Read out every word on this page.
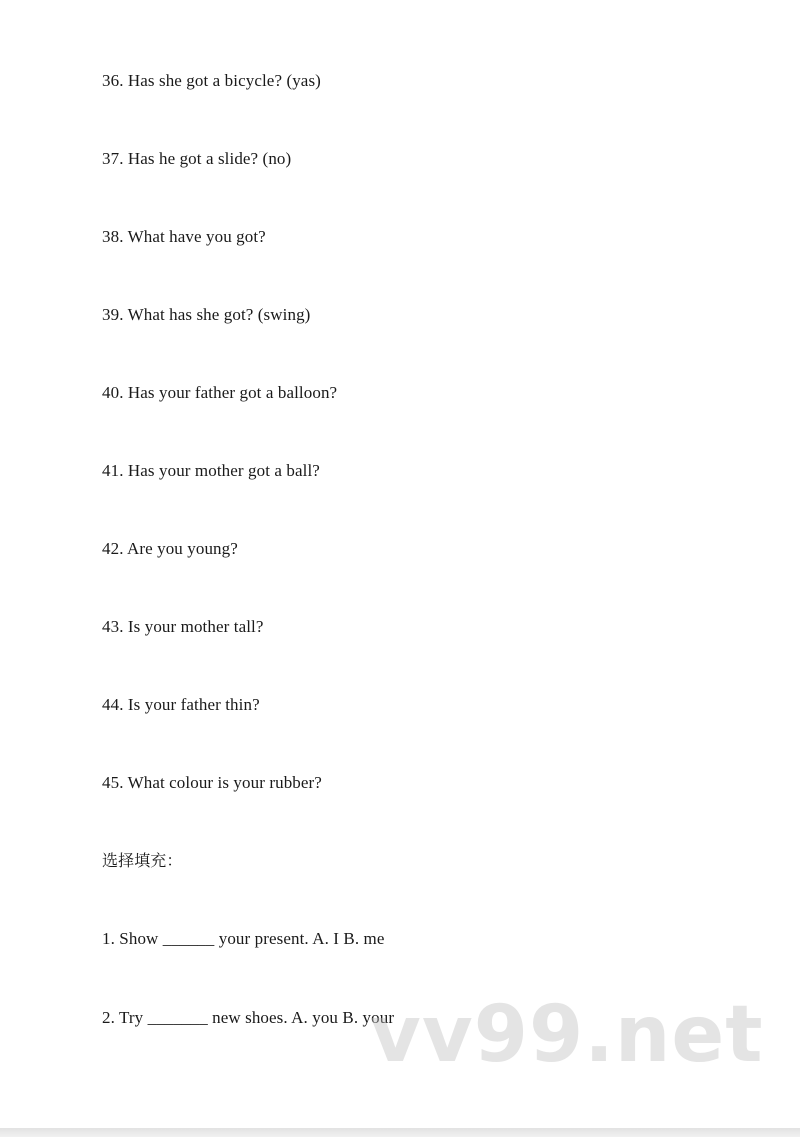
36. Has she got a bicycle? (yas)
37. Has he got a slide? (no)
38. What have you got?
39. What has she got? (swing)
40. Has your father got a balloon?
41. Has your mother got a ball?
42. Are you young?
43. Is your mother tall?
44. Is your father thin?
45. What colour is your rubber?
选择填充：
1. Show ______ your present. A. I B. me
2. Try _______ new shoes. A. you B. your
vv99.net
